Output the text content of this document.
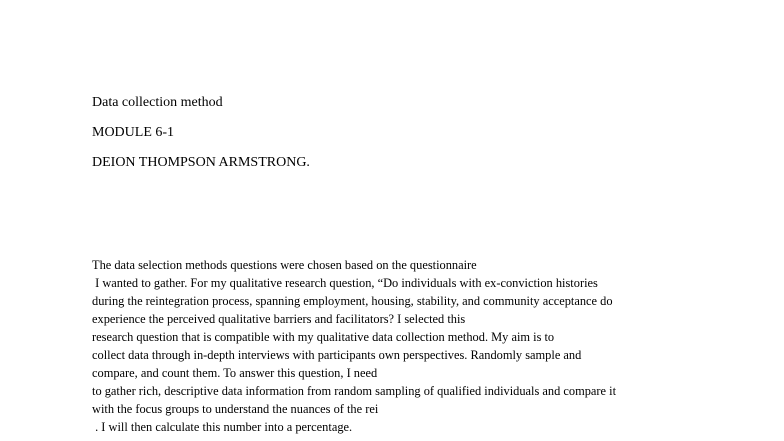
Data collection method
MODULE 6-1
DEION THOMPSON ARMSTRONG.
The data selection methods questions were chosen based on the questionnaire
I wanted to gather. For my qualitative research question, “Do individuals with ex-conviction histories
during the reintegration process, spanning employment, housing, stability, and community acceptance do
experience the perceived qualitative barriers and facilitators? I selected this
research question that is compatible with my qualitative data collection method. My aim is to
collect data through in-depth interviews with participants own perspectives. Randomly sample and
compare, and count them. To answer this question, I need
to gather rich, descriptive data information from random sampling of qualified individuals and compare it
with the focus groups to understand the nuances of the rei
. I will then calculate this number into a percentage.
